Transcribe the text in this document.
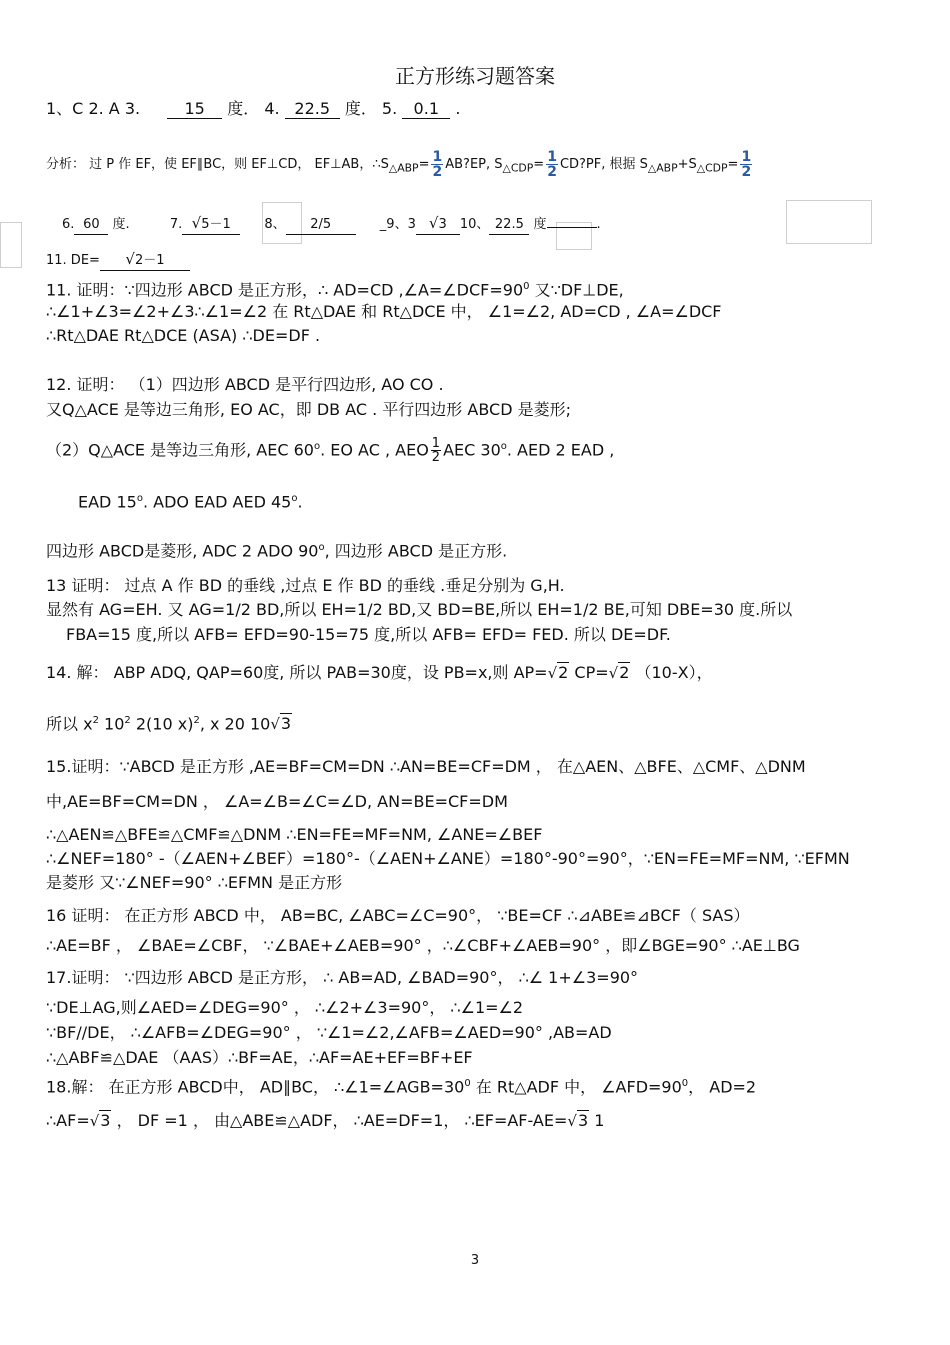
正方形练习题答案
1、C 2. A 3.	15 度． 4. 22.5 度． 5. 0.1 .
分析： 过 P 作 EF，使 EF∥BC，则 EF⊥CD， EF⊥AB，$\therefore S_{\triangle ABP}= \frac{1}{2}$ AB?EP, $S_{\triangle CDP}= \frac{1}{2}$ CD?PF, 根据 $S_{\triangle ABP}+S_{\triangle CDP}= \frac{1}{2}$
6. 60 度.	7. √5－1	8、 2/5	_9、3 √3 10、 22.5 度	.
11. DE= √2－1
11. 证明：∵四边形 ABCD 是正方形，∴ AD=CD $,\angle A=\angle DCF=90^0$ 又∵DF⊥DE,
∴∠1+∠3=∠2+∠3∴∠1=∠2 在 Rt△DAE 和 Rt△DCE 中， ∠1=∠2, AD=CD , ∠A=∠DCF
∴Rt△DAE Rt△DCE (ASA) ∴DE=DF .
12. 证明： （1）四边形 ABCD 是平行四边形, AO CO .
又Q△ACE 是等边三角形, EO AC，即 DB AC . 平行四边形 ABCD 是菱形;
（2）Q△ACE 是等边三角形, AEC 60$^o$. EO AC , AEO $\frac{1}{2}$ AEC 30$^o$. AED 2 EAD ,
EAD 15$^o$. ADO EAD AED 45$^o$.
四边形 ABCD是菱形, ADC 2 ADO 90$^o$, 四边形 ABCD 是正方形.
13 证明： 过点 A 作 BD 的垂线 ,过点 E 作 BD 的垂线 .垂足分别为 G,H.
显然有 AG=EH. 又 AG=1/2 BD,所以 EH=1/2 BD,又 BD=BE,所以 EH=1/2 BE,可知 DBE=30 度.所以
FBA=15 度,所以 AFB= EFD=90-15=75 度,所以 AFB= EFD= FED. 所以 DE=DF.
14. 解： ABP ADQ, QAP=60度, 所以 PAB=30度，设 PB=x,则 AP=√2 CP=√2 （10-X），
所以 $x^2$ $10^2$ 2(10 x)$^2$, x 20 10√3
15.证明：∵ABCD 是正方形 ,AE=BF=CM=DN ∴AN=BE=CF=DM ， 在△AEN、△BFE、△CMF、△DNM
中,AE=BF=CM=DN ， ∠A=∠B=∠C=∠D, AN=BE=CF=DM
∴△AEN≌△BFE≌△CMF≌△DNM ∴EN=FE=MF=NM, ∠ANE=∠BEF
∴∠NEF=180° -（∠AEN+∠BEF）=180°-（∠AEN+∠ANE）=180°-90°=90°，∵EN=FE=MF=NM, ∵EFMN
是菱形 又∵∠NEF=90° ∴EFMN 是正方形
16 证明： 在正方形 ABCD 中， AB=BC, ∠ABC=∠C=90°， ∵BE=CF ∴⊿ABE≌⊿BCF（ SAS）
∴AE=BF ， ∠BAE=∠CBF， ∵∠BAE+∠AEB=90° ，∴∠CBF+∠AEB=90° ，即∠BGE=90° ∴AE⊥BG
17.证明： ∵四边形 ABCD 是正方形， ∴ AB=AD, ∠BAD=90°， ∴∠ 1+∠3=90°
∵DE⊥AG,则∠AED=∠DEG=90° ， ∴∠2+∠3=90°， ∴∠1=∠2
∵BF//DE， ∴∠AFB=∠DEG=90° ， ∵∠1=∠2,∠AFB=∠AED=90° ,AB=AD
∴△ABF≌△DAE （AAS）∴BF=AE，∴AF=AE+EF=BF+EF
18.解： 在正方形 ABCD中， AD∥BC， $\therefore\angle 1=\angle AGB=30^0$ 在 Rt△ADF 中， $\angle AFD=90^0$， AD=2
∴AF=√3 ， DF =1 ， 由△ABE≌△ADF， ∴AE=DF=1， ∴EF=AF-AE=√3 1
3
